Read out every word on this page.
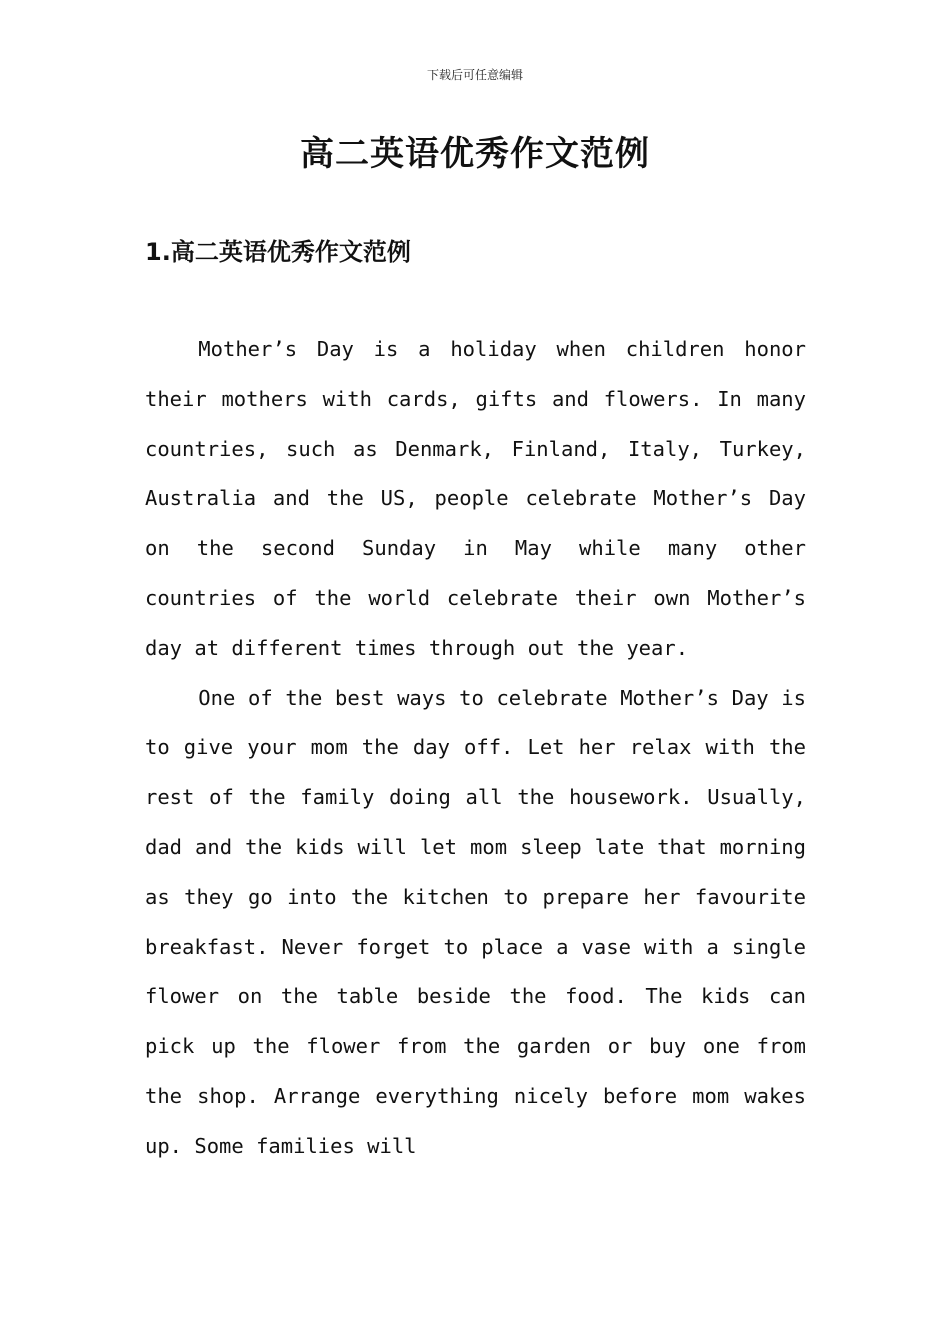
下载后可任意编辑
高二英语优秀作文范例
1.高二英语优秀作文范例

Mother’s Day is a holiday when children honor their mothers with cards, gifts and flowers. In many countries, such as Denmark, Finland, Italy, Turkey, Australia and the US, people celebrate Mother’s Day on the second Sunday in May while many other countries of the world celebrate their own Mother’s day at different times through out the year.

One of the best ways to celebrate Mother’s Day is to give your mom the day off. Let her relax with the rest of the family doing all the housework. Usually, dad and the kids will let mom sleep late that morning as they go into the kitchen to prepare her favourite breakfast. Never forget to place a vase with a single flower on the table beside the food. The kids can pick up the flower from the garden or buy one from the shop. Arrange everything nicely before mom wakes up. Some families will
